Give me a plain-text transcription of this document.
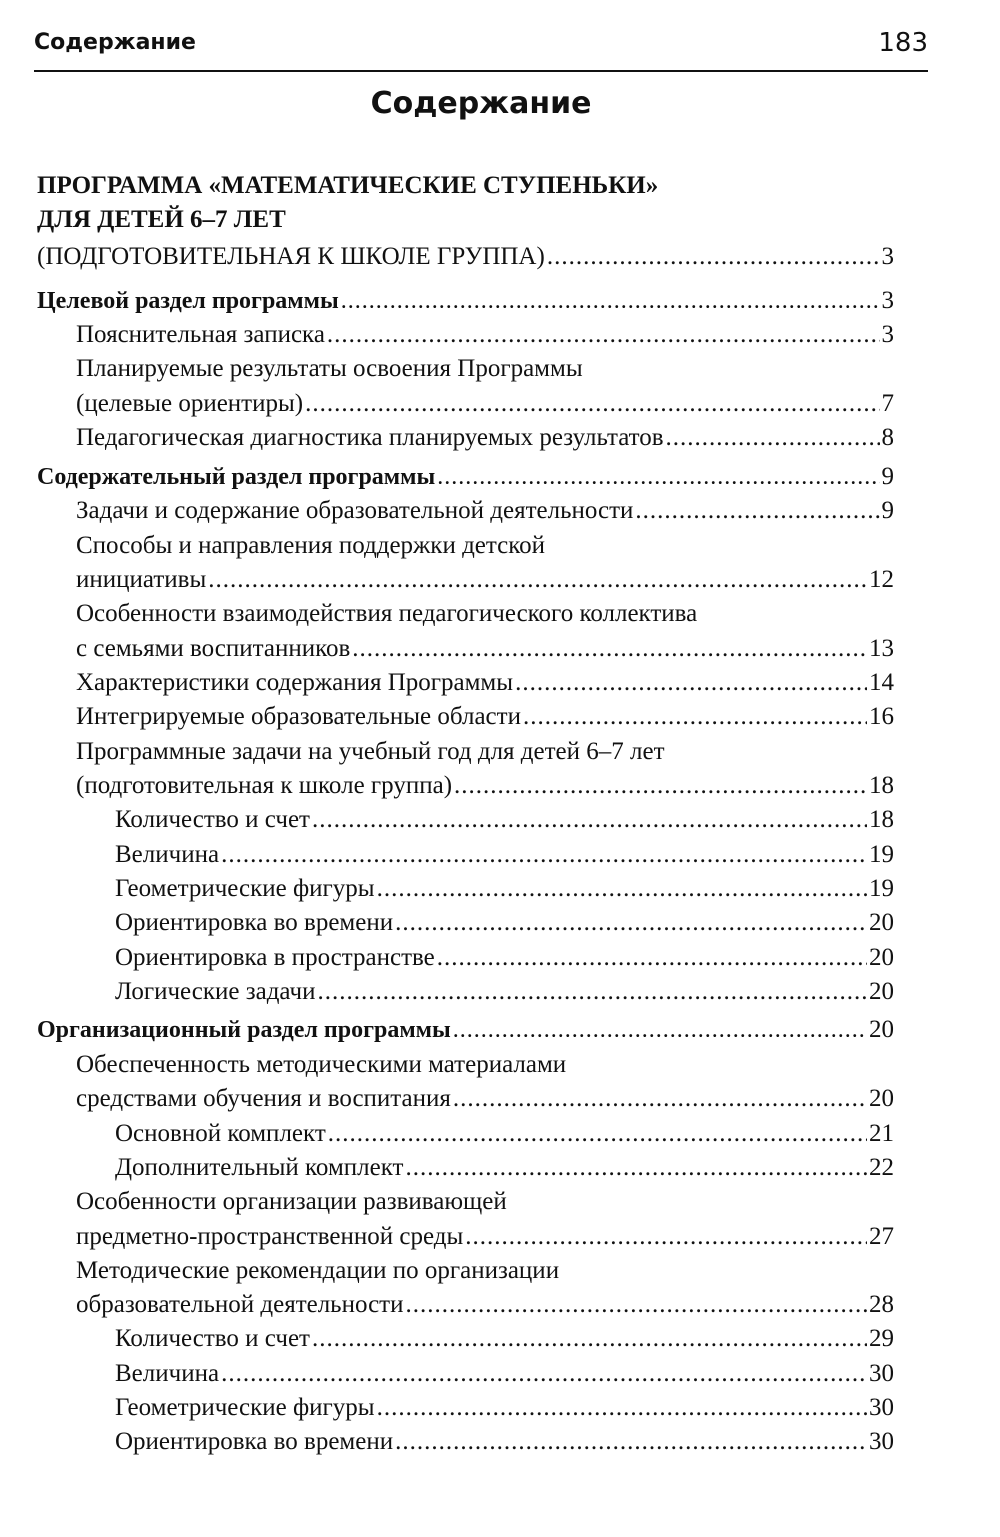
Содержание	183
Содержание
ПРОГРАММА «МАТЕМАТИЧЕСКИЕ СТУПЕНЬКИ»
ДЛЯ ДЕТЕЙ 6–7 ЛЕТ
(ПОДГОТОВИТЕЛЬНАЯ К ШКОЛЕ ГРУППА) .....	3
Целевой раздел программы .....	3
Пояснительная записка .....	3
Планируемые результаты освоения Программы
(целевые ориентиры) .....	7
Педагогическая диагностика планируемых результатов .....	8
Содержательный раздел программы .....	9
Задачи и содержание образовательной деятельности .....	9
Способы и направления поддержки детской
инициативы .....	12
Особенности взаимодействия педагогического коллектива
с семьями воспитанников .....	13
Характеристики содержания Программы .....	14
Интегрируемые образовательные области .....	16
Программные задачи на учебный год для детей 6–7 лет
(подготовительная к школе группа) .....	18
Количество и счет .....	18
Величина .....	19
Геометрические фигуры .....	19
Ориентировка во времени .....	20
Ориентировка в пространстве .....	20
Логические задачи .....	20
Организационный раздел программы .....	20
Обеспеченность методическими материалами
средствами обучения и воспитания .....	20
Основной комплект .....	21
Дополнительный комплект .....	22
Особенности организации развивающей
предметно-пространственной среды .....	27
Методические рекомендации по организации
образовательной деятельности .....	28
Количество и счет .....	29
Величина .....	30
Геометрические фигуры .....	30
Ориентировка во времени .....	30
